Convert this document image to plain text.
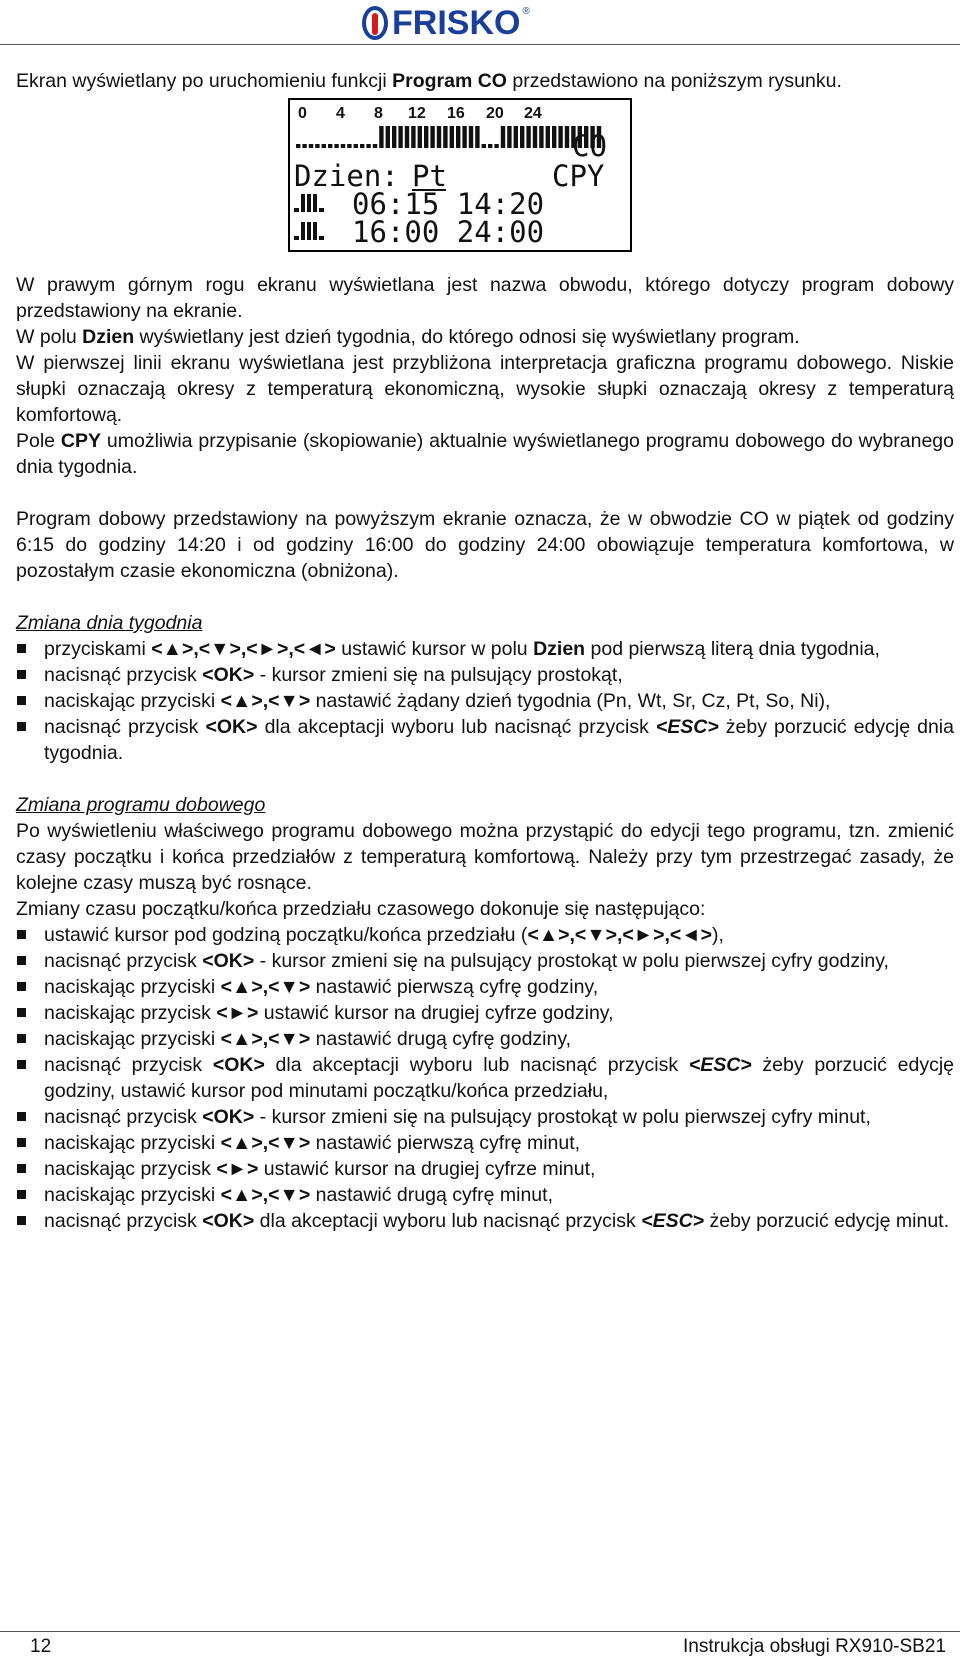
FRISKO ®

Ekran wyświetlany po uruchomieniu funkcji Program CO przedstawiono na poniższym rysunku.

0 4 8 12 16 20 24
CO
Dzien: Pt	CPY
06:15 14:20
16:00 24:00

W prawym górnym rogu ekranu wyświetlana jest nazwa obwodu, którego dotyczy program dobowy przedstawiony na ekranie.

W polu Dzien wyświetlany jest dzień tygodnia, do którego odnosi się wyświetlany program.

W pierwszej linii ekranu wyświetlana jest przybliżona interpretacja graficzna programu dobowego. Niskie słupki oznaczają okresy z temperaturą ekonomiczną, wysokie słupki oznaczają okresy z temperaturą komfortową.

Pole CPY umożliwia przypisanie (skopiowanie) aktualnie wyświetlanego programu dobowego do wybranego dnia tygodnia.

Program dobowy przedstawiony na powyższym ekranie oznacza, że w obwodzie CO w piątek od godziny 6:15 do godziny 14:20 i od godziny 16:00 do godziny 24:00 obowiązuje temperatura komfortowa, w pozostałym czasie ekonomiczna (obniżona).

Zmiana dnia tygodnia

przyciskami <▲>,<▼>,<►>,<◄> ustawić kursor w polu Dzien pod pierwszą literą dnia tygodnia,
nacisnąć przycisk <OK> - kursor zmieni się na pulsujący prostokąt,
naciskając przyciski <▲>,<▼> nastawić żądany dzień tygodnia (Pn, Wt, Sr, Cz, Pt, So, Ni),
nacisnąć przycisk <OK> dla akceptacji wyboru lub nacisnąć przycisk <ESC> żeby porzucić edycję dnia tygodnia.

Zmiana programu dobowego

Po wyświetleniu właściwego programu dobowego można przystąpić do edycji tego programu, tzn. zmienić czasy początku i końca przedziałów z temperaturą komfortową. Należy przy tym przestrzegać zasady, że kolejne czasy muszą być rosnące.

Zmiany czasu początku/końca przedziału czasowego dokonuje się następująco:

ustawić kursor pod godziną początku/końca przedziału (<▲>,<▼>,<►>,<◄>),
nacisnąć przycisk <OK> - kursor zmieni się na pulsujący prostokąt w polu pierwszej cyfry godziny,
naciskając przyciski <▲>,<▼> nastawić pierwszą cyfrę godziny,
naciskając przycisk <►> ustawić kursor na drugiej cyfrze godziny,
naciskając przyciski <▲>,<▼> nastawić drugą cyfrę godziny,
nacisnąć przycisk <OK> dla akceptacji wyboru lub nacisnąć przycisk <ESC> żeby porzucić edycję godziny, ustawić kursor pod minutami początku/końca przedziału,
nacisnąć przycisk <OK> - kursor zmieni się na pulsujący prostokąt w polu pierwszej cyfry minut,
naciskając przyciski <▲>,<▼> nastawić pierwszą cyfrę minut,
naciskając przycisk <►> ustawić kursor na drugiej cyfrze minut,
naciskając przyciski <▲>,<▼> nastawić drugą cyfrę minut,
nacisnąć przycisk <OK> dla akceptacji wyboru lub nacisnąć przycisk <ESC> żeby porzucić edycję minut.
12	Instrukcja obsługi RX910-SB21
